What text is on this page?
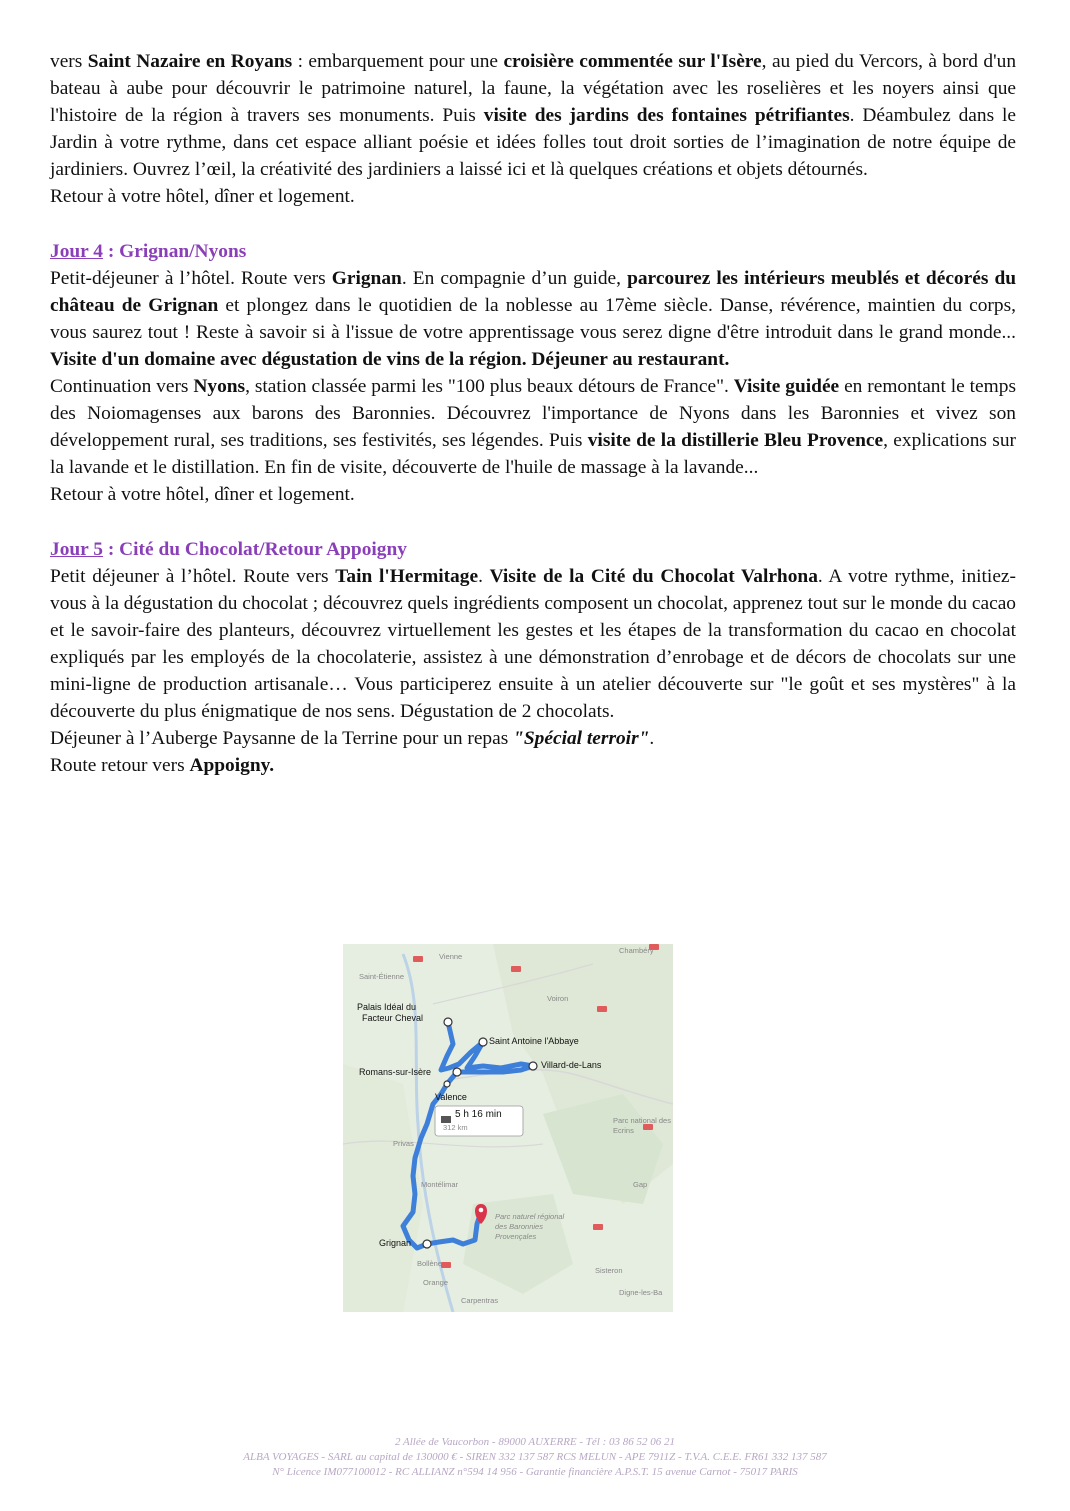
vers Saint Nazaire en Royans : embarquement pour une croisière commentée sur l'Isère, au pied du Vercors, à bord d'un bateau à aube pour découvrir le patrimoine naturel, la faune, la végétation avec les roselières et les noyers ainsi que l'histoire de la région à travers ses monuments. Puis visite des jardins des fontaines pétrifiantes. Déambulez dans le Jardin à votre rythme, dans cet espace alliant poésie et idées folles tout droit sorties de l’imagination de notre équipe de jardiniers. Ouvrez l’œil, la créativité des jardiniers a laissé ici et là quelques créations et objets détournés.

Retour à votre hôtel, dîner et logement.

Jour 4 : Grignan/Nyons

Petit-déjeuner à l’hôtel. Route vers Grignan. En compagnie d’un guide, parcourez les intérieurs meublés et décorés du château de Grignan et plongez dans le quotidien de la noblesse au 17ème siècle. Danse, révérence, maintien du corps, vous saurez tout ! Reste à savoir si à l'issue de votre apprentissage vous serez digne d'être introduit dans le grand monde... Visite d'un domaine avec dégustation de vins de la région. Déjeuner au restaurant.

Continuation vers Nyons, station classée parmi les "100 plus beaux détours de France". Visite guidée en remontant le temps des Noiomagenses aux barons des Baronnies. Découvrez l'importance de Nyons dans les Baronnies et vivez son développement rural, ses traditions, ses festivités, ses légendes. Puis visite de la distillerie Bleu Provence, explications sur la lavande et le distillation. En fin de visite, découverte de l'huile de massage à la lavande...

Retour à votre hôtel, dîner et logement.

Jour 5 : Cité du Chocolat/Retour Appoigny

Petit déjeuner à l’hôtel. Route vers Tain l'Hermitage. Visite de la Cité du Chocolat Valrhona. A votre rythme, initiez-vous à la dégustation du chocolat ; découvrez quels ingrédients composent un chocolat, apprenez tout sur le monde du cacao et le savoir-faire des planteurs, découvrez virtuellement les gestes et les étapes de la transformation du cacao en chocolat expliqués par les employés de la chocolaterie, assistez à une démonstration d’enrobage et de décors de chocolats sur une mini-ligne de production artisanale… Vous participerez ensuite à un atelier découverte sur "le goût et ses mystères" à la découverte du plus énigmatique de nos sens. Dégustation de 2 chocolats.

Déjeuner à l’Auberge Paysanne de la Terrine pour un repas "Spécial terroir".

Route retour vers Appoigny.

Palais Idéal du
Facteur Cheval
Saint Antoine l'Abbaye
Villard-de-Lans
Romans-sur-Isère
Valence
Privas
Montélimar
Grignan
Bollène
Orange
Carpentras
Vienne
Saint-Étienne
Chambéry
Voiron
Gap
Sisteron
Digne-les-Ba
Parc national des Ecrins
Parc naturel régional des Baronnies Provençales
5 h 16 min
312 km
2 Allée de Vaucorbon - 89000 AUXERRE - Tél : 03 86 52 06 21
ALBA VOYAGES - SARL au capital de 130000 € - SIREN 332 137 587 RCS MELUN - APE 7911Z - T.V.A. C.E.E. FR61 332 137 587
N° Licence IM077100012 - RC ALLIANZ n°594 14 956 - Garantie financière A.P.S.T. 15 avenue Carnot - 75017 PARIS
